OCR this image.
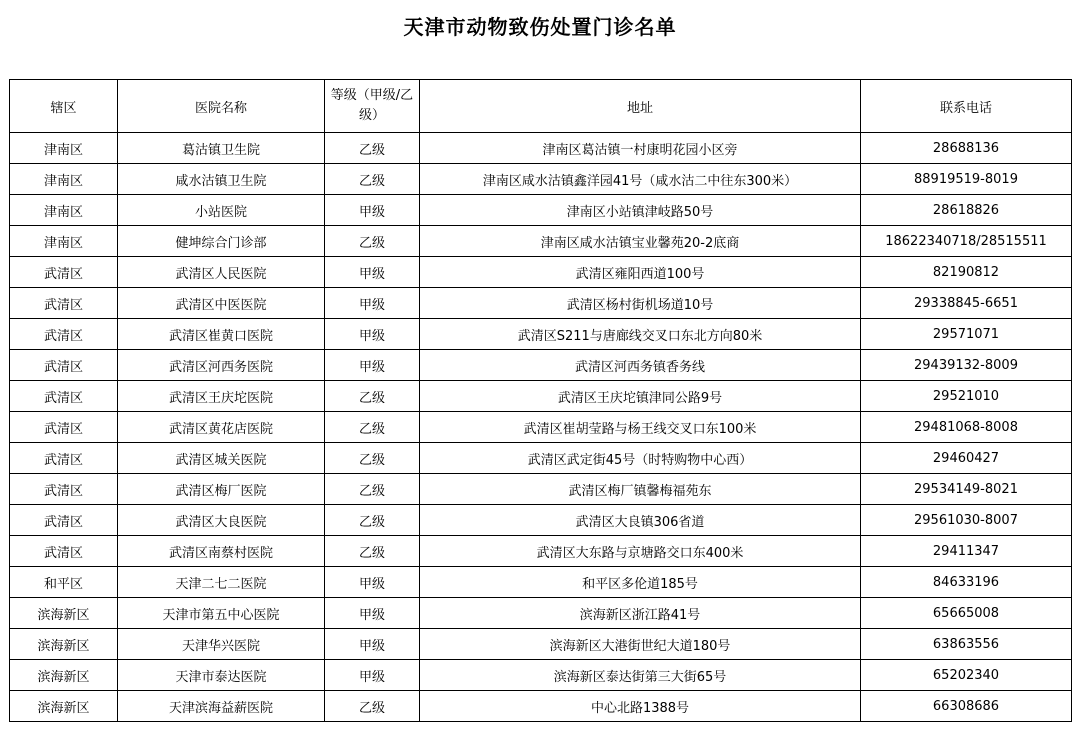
天津市动物致伤处置门诊名单
辖区	医院名称	等级（甲级/乙级）	地址	联系电话
津南区	葛沽镇卫生院	乙级	津南区葛沽镇一村康明花园小区旁	28688136
津南区	咸水沽镇卫生院	乙级	津南区咸水沽镇鑫洋园41号（咸水沽二中往东300米）	88919519-8019
津南区	小站医院	甲级	津南区小站镇津岐路50号	28618826
津南区	健坤综合门诊部	乙级	津南区咸水沽镇宝业馨苑20-2底商	18622340718/28515511
武清区	武清区人民医院	甲级	武清区雍阳西道100号	82190812
武清区	武清区中医医院	甲级	武清区杨村街机场道10号	29338845-6651
武清区	武清区崔黄口医院	甲级	武清区S211与唐廊线交叉口东北方向80米	29571071
武清区	武清区河西务医院	甲级	武清区河西务镇香务线	29439132-8009
武清区	武清区王庆坨医院	乙级	武清区王庆坨镇津同公路9号	29521010
武清区	武清区黄花店医院	乙级	武清区崔胡莹路与杨王线交叉口东100米	29481068-8008
武清区	武清区城关医院	乙级	武清区武定街45号（时特购物中心西）	29460427
武清区	武清区梅厂医院	乙级	武清区梅厂镇馨梅福苑东	29534149-8021
武清区	武清区大良医院	乙级	武清区大良镇306省道	29561030-8007
武清区	武清区南蔡村医院	乙级	武清区大东路与京塘路交口东400米	29411347
和平区	天津二七二医院	甲级	和平区多伦道185号	84633196
滨海新区	天津市第五中心医院	甲级	滨海新区浙江路41号	65665008
滨海新区	天津华兴医院	甲级	滨海新区大港街世纪大道180号	63863556
滨海新区	天津市泰达医院	甲级	滨海新区泰达街第三大街65号	65202340
滨海新区	天津滨海益薪医院	乙级	中心北路1388号	66308686
